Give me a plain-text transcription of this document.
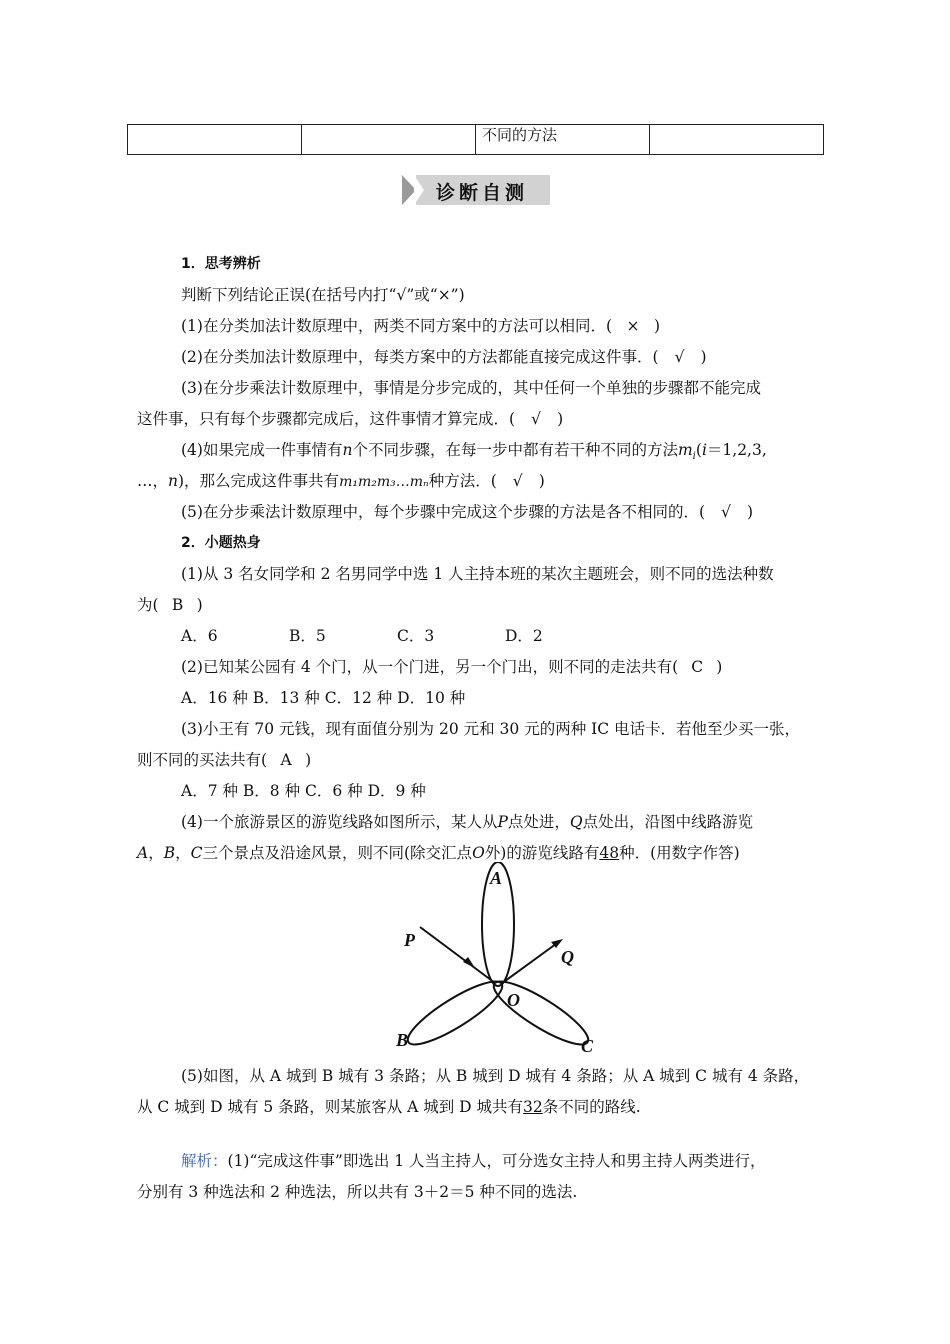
		不同的方法	
诊断自测
1．思考辨析
判断下列结论正误(在括号内打“√”或“×”)
(1)在分类加法计数原理中，两类不同方案中的方法可以相同．( × )
(2)在分类加法计数原理中，每类方案中的方法都能直接完成这件事．( √ )
(3)在分步乘法计数原理中，事情是分步完成的，其中任何一个单独的步骤都不能完成
这件事，只有每个步骤都完成后，这件事情才算完成．( √ )
(4)如果完成一件事情有n个不同步骤，在每一步中都有若干种不同的方法$m_i(i=1,2,3$,
…，n)，那么完成这件事共有m₁m₂m₃…mₙ种方法．( √ )
(5)在分步乘法计数原理中，每个步骤中完成这个步骤的方法是各不相同的．( √ )
2．小题热身
(1)从 3 名女同学和 2 名男同学中选 1 人主持本班的某次主题班会，则不同的选法种数
为( B )
A．6	B．5	C．3	D．2
(2)已知某公园有 4 个门，从一个门进，另一个门出，则不同的走法共有( C )
A．16 种 B．13 种 C．12 种 D．10 种
(3)小王有 70 元钱，现有面值分别为 20 元和 30 元的两种 IC 电话卡．若他至少买一张，
则不同的买法共有( A )
A．7 种 B．8 种 C．6 种 D．9 种
(4)一个旅游景区的游览线路如图所示，某人从P点处进，Q点处出，沿图中线路游览
A，B，C三个景点及沿途风景，则不同(除交汇点O外)的游览线路有48种．(用数字作答)
A
P
Q
O
B	C
(5)如图，从 A 城到 B 城有 3 条路；从 B 城到 D 城有 4 条路；从 A 城到 C 城有 4 条路，
从 C 城到 D 城有 5 条路，则某旅客从 A 城到 D 城共有32条不同的路线.
解析：(1)“完成这件事”即选出 1 人当主持人，可分选女主持人和男主持人两类进行，
分别有 3 种选法和 2 种选法，所以共有 3＋2＝5 种不同的选法.
